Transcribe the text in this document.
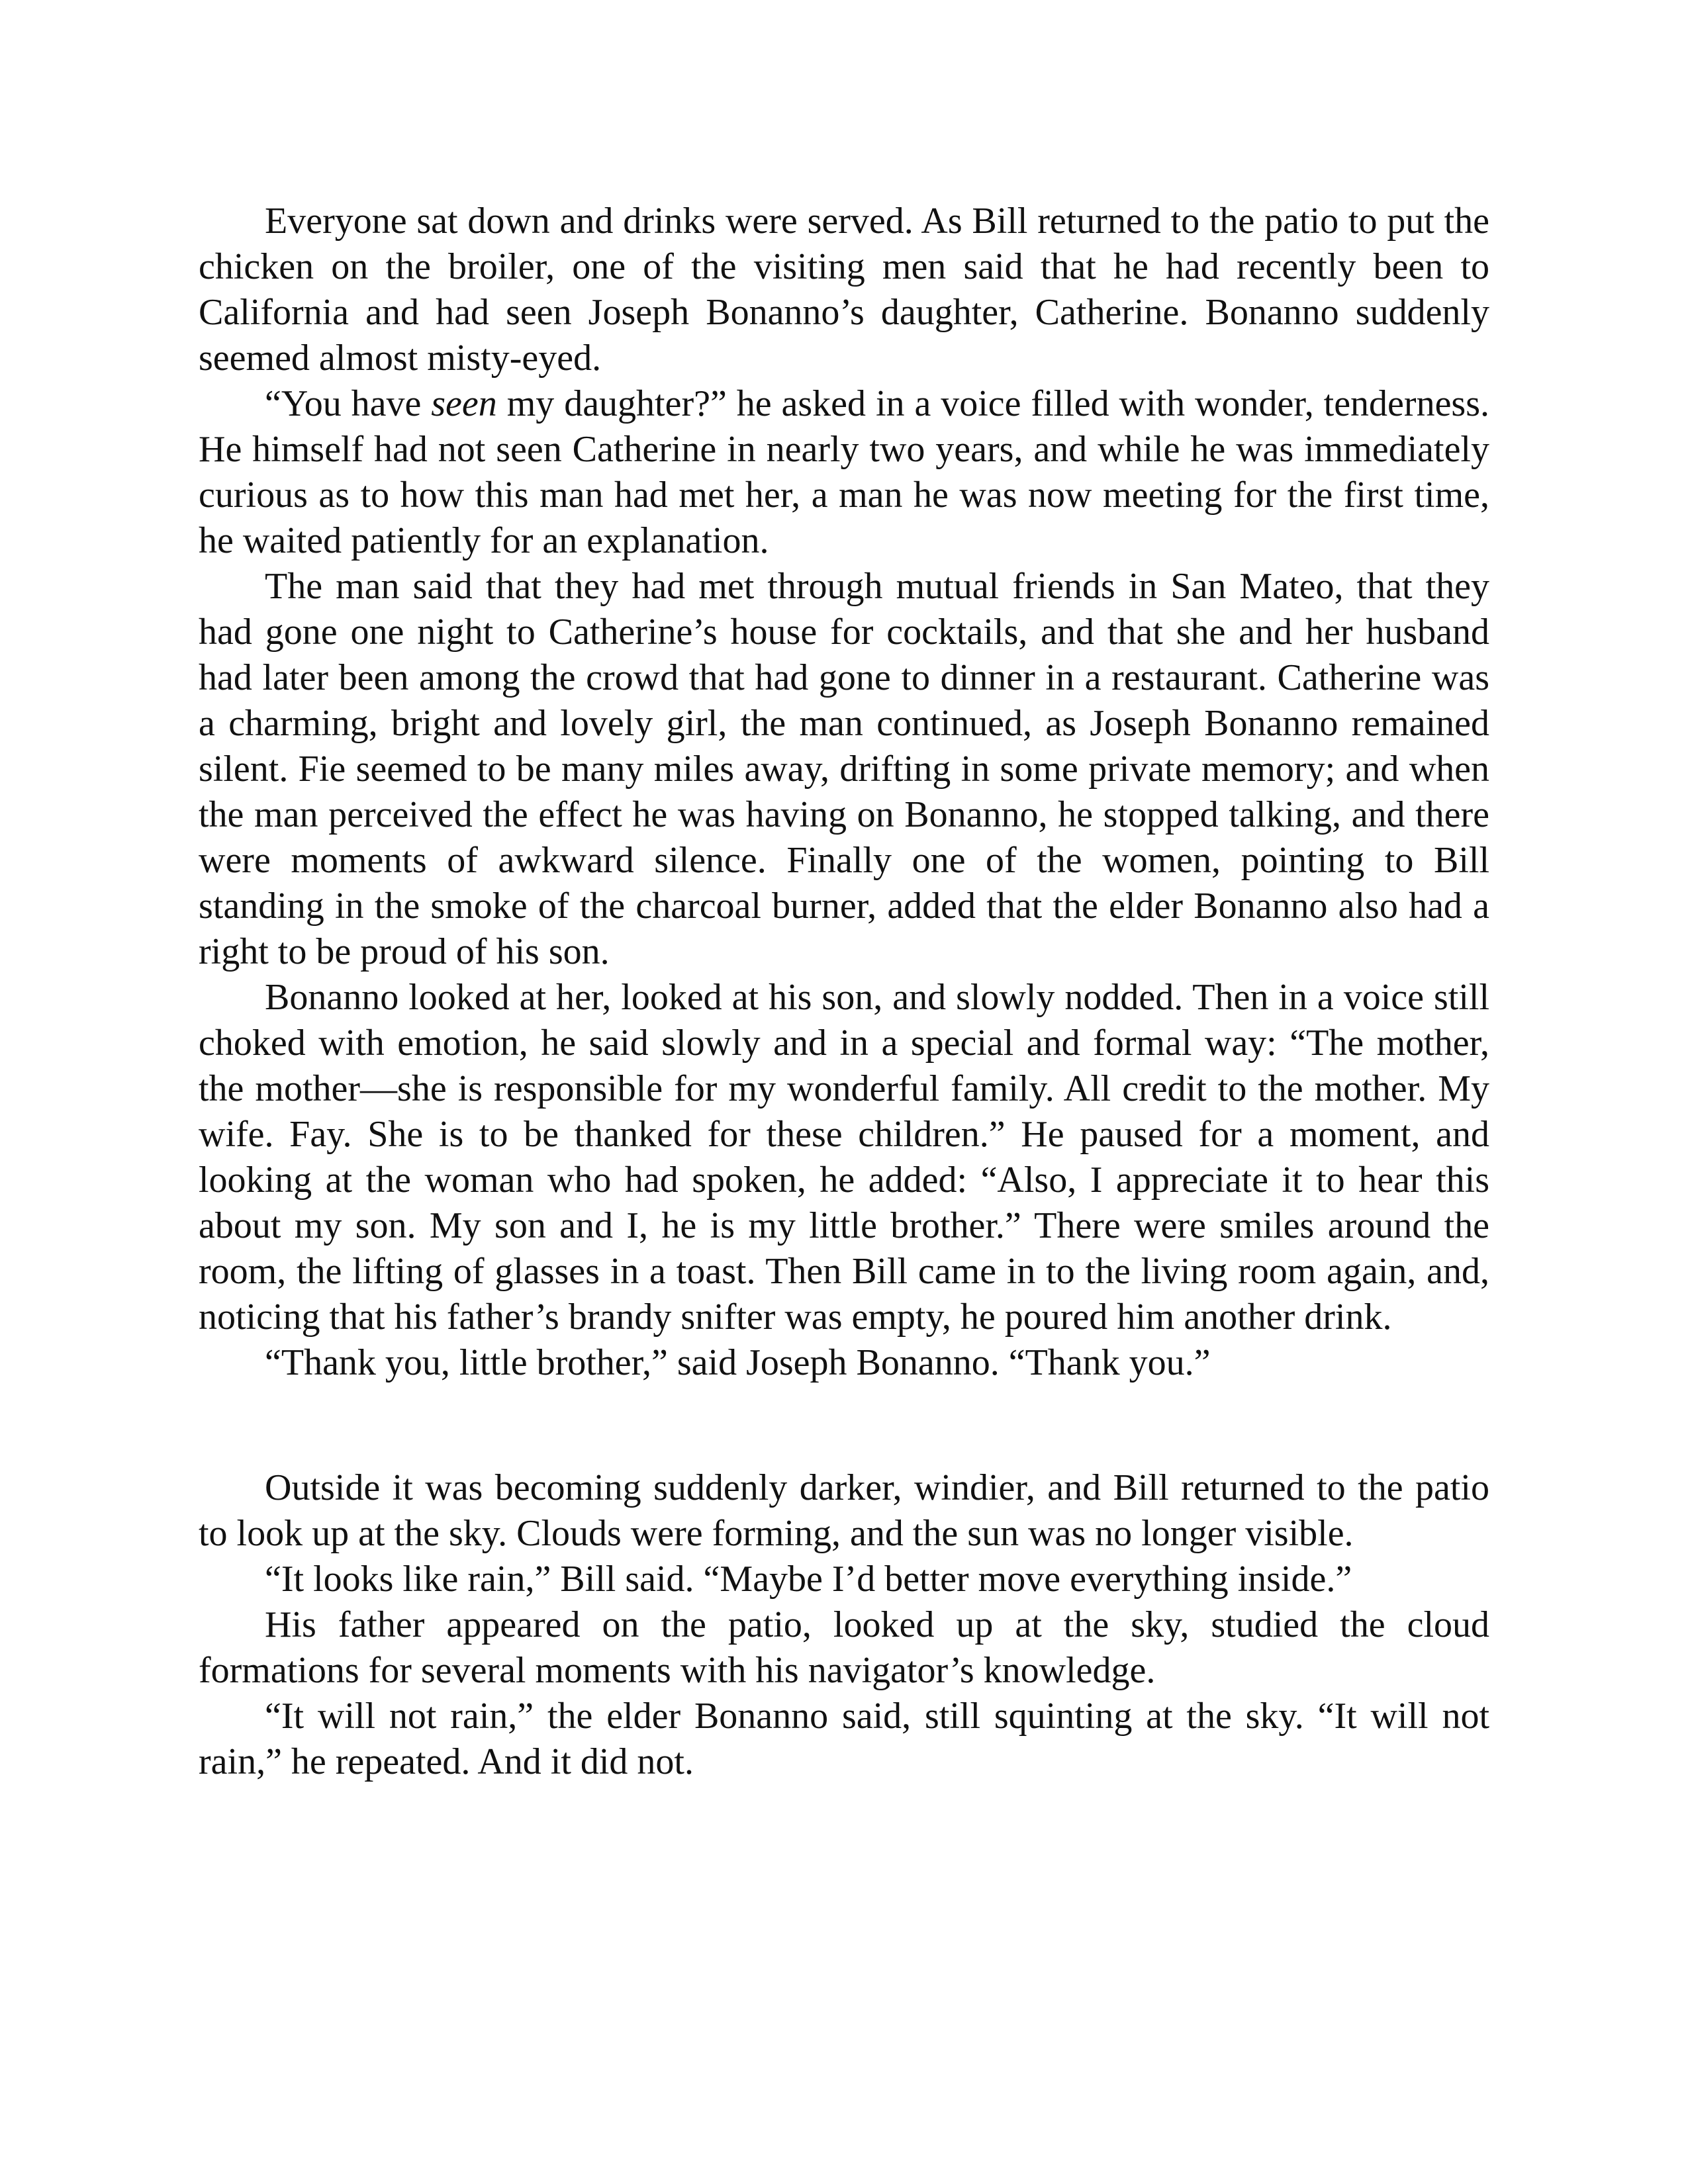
Everyone sat down and drinks were served. As Bill returned to the patio to put the chicken on the broiler, one of the visiting men said that he had recently been to California and had seen Joseph Bonanno’s daughter, Catherine. Bonanno suddenly seemed almost misty-eyed.

“You have seen my daughter?” he asked in a voice filled with wonder, tenderness. He himself had not seen Catherine in nearly two years, and while he was immediately curious as to how this man had met her, a man he was now meeting for the first time, he waited patiently for an explanation.

The man said that they had met through mutual friends in San Mateo, that they had gone one night to Catherine’s house for cocktails, and that she and her husband had later been among the crowd that had gone to dinner in a restaurant. Catherine was a charming, bright and lovely girl, the man continued, as Joseph Bonanno remained silent. Fie seemed to be many miles away, drifting in some private memory; and when the man perceived the effect he was having on Bonanno, he stopped talking, and there were moments of awkward silence. Finally one of the women, pointing to Bill standing in the smoke of the charcoal burner, added that the elder Bonanno also had a right to be proud of his son.

Bonanno looked at her, looked at his son, and slowly nodded. Then in a voice still choked with emotion, he said slowly and in a special and formal way: “The mother, the mother—she is responsible for my wonderful family. All credit to the mother. My wife. Fay. She is to be thanked for these children.” He paused for a moment, and looking at the woman who had spoken, he added: “Also, I appreciate it to hear this about my son. My son and I, he is my little brother.” There were smiles around the room, the lifting of glasses in a toast. Then Bill came in to the living room again, and, noticing that his father’s brandy snifter was empty, he poured him another drink.

“Thank you, little brother,” said Joseph Bonanno. “Thank you.”

Outside it was becoming suddenly darker, windier, and Bill returned to the patio to look up at the sky. Clouds were forming, and the sun was no longer visible.

“It looks like rain,” Bill said. “Maybe I’d better move everything inside.”

His father appeared on the patio, looked up at the sky, studied the cloud formations for several moments with his navigator’s knowledge.

“It will not rain,” the elder Bonanno said, still squinting at the sky. “It will not rain,” he repeated. And it did not.
